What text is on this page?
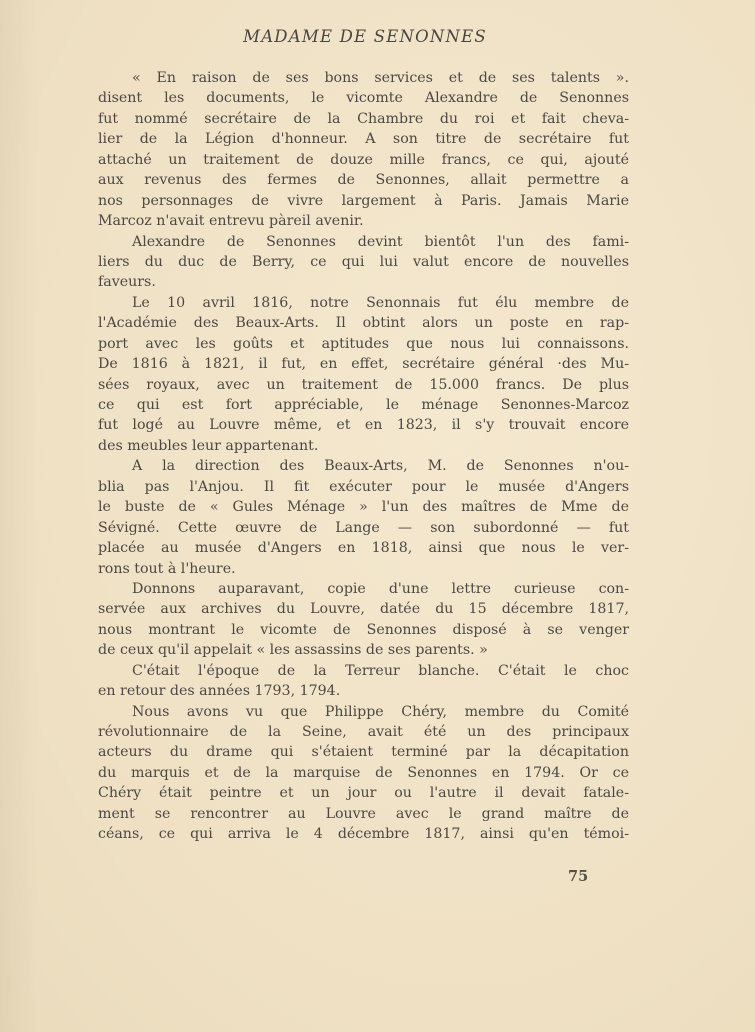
MADAME DE SENONNES
« En raison de ses bons services et de ses talents ».
disent les documents, le vicomte Alexandre de Senonnes
fut nommé secrétaire de la Chambre du roi et fait cheva-
lier de la Légion d'honneur. A son titre de secrétaire fut
attaché un traitement de douze mille francs, ce qui, ajouté
aux revenus des fermes de Senonnes, allait permettre a
nos personnages de vivre largement à Paris. Jamais Marie
Marcoz n'avait entrevu pàreil avenir.
Alexandre de Senonnes devint bientôt l'un des fami-
liers du duc de Berry, ce qui lui valut encore de nouvelles
faveurs.
Le 10 avril 1816, notre Senonnais fut élu membre de
l'Académie des Beaux-Arts. Il obtint alors un poste en rap-
port avec les goûts et aptitudes que nous lui connaissons.
De 1816 à 1821, il fut, en effet, secrétaire général ·des Mu-
sées royaux, avec un traitement de 15.000 francs. De plus
ce qui est fort appréciable, le ménage Senonnes-Marcoz
fut logé au Louvre même, et en 1823, il s'y trouvait encore
des meubles leur appartenant.
A la direction des Beaux-Arts, M. de Senonnes n'ou-
blia pas l'Anjou. Il fit exécuter pour le musée d'Angers
le buste de « Gules Ménage » l'un des maîtres de Mme de
Sévigné. Cette œuvre de Lange — son subordonné — fut
placée au musée d'Angers en 1818, ainsi que nous le ver-
rons tout à l'heure.
Donnons auparavant, copie d'une lettre curieuse con-
servée aux archives du Louvre, datée du 15 décembre 1817,
nous montrant le vicomte de Senonnes disposé à se venger
de ceux qu'il appelait « les assassins de ses parents. »
C'était l'époque de la Terreur blanche. C'était le choc
en retour des années 1793, 1794.
Nous avons vu que Philippe Chéry, membre du Comité
révolutionnaire de la Seine, avait été un des principaux
acteurs du drame qui s'étaient terminé par la décapitation
du marquis et de la marquise de Senonnes en 1794. Or ce
Chéry était peintre et un jour ou l'autre il devait fatale-
ment se rencontrer au Louvre avec le grand maître de
céans, ce qui arriva le 4 décembre 1817, ainsi qu'en témoi-
75
